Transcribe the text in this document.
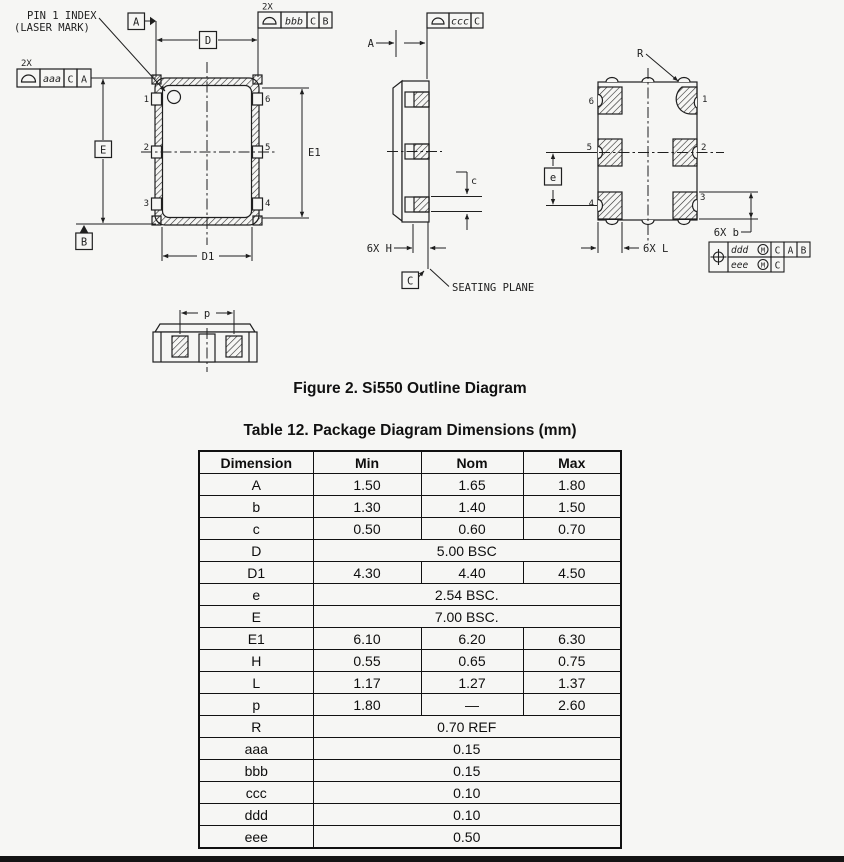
1
2
3
6
5
4
PIN 1 INDEX
(LASER MARK)	A
D
E
B
E1
D1
2X
aaa C A
2X
bbb C B	ccc C
A
c
6X H
C
SEATING PLANE
6
5
4
1
2
3
R
e
6X b
6X L	ddd M C A B
eee M C
p
Figure 2. Si550 Outline Diagram
Table 12. Package Diagram Dimensions (mm)
Dimension	Min	Nom	Max
A	1.50	1.65	1.80
b	1.30	1.40	1.50
c	0.50	0.60	0.70
D	5.00 BSC		
D1	4.30	4.40	4.50
e	2.54 BSC.		
E	7.00 BSC.		
E1	6.10	6.20	6.30
H	0.55	0.65	0.75
L	1.17	1.27	1.37
p	1.80	—	2.60
R	0.70 REF		
aaa	0.15		
bbb	0.15		
ccc	0.10		
ddd	0.10		
eee	0.50		
